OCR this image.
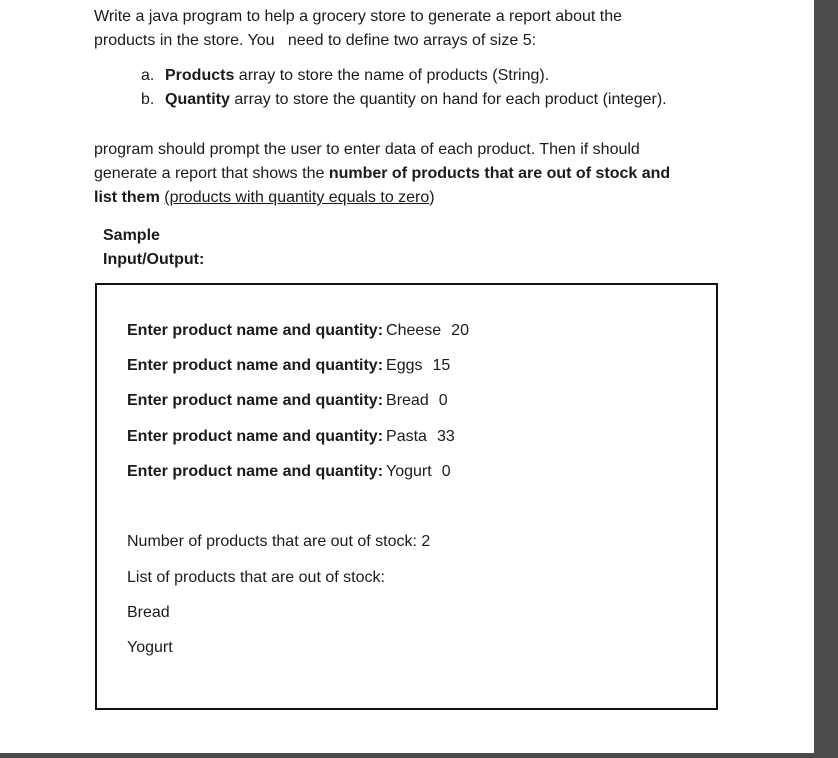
Write a java program to help a grocery store to generate a report about the
products in the store. You   need to define two arrays of size 5:
a. Products array to store the name of products (String).
b. Quantity array to store the quantity on hand for each product (integer).
program should prompt the user to enter data of each product. Then if should
generate a report that shows the number of products that are out of stock and
list them (products with quantity equals to zero)
Sample
Input/Output:
Enter product name and quantity: Cheese 20
Enter product name and quantity: Eggs 15
Enter product name and quantity: Bread 0
Enter product name and quantity: Pasta 33
Enter product name and quantity: Yogurt 0
Number of products that are out of stock: 2
List of products that are out of stock:
Bread
Yogurt
